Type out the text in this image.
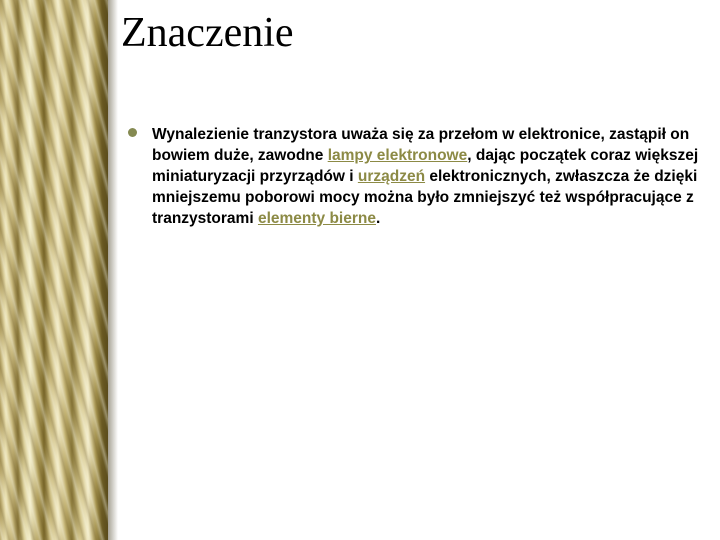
Znaczenie

Wynalezienie tranzystora uważa się za przełom w elektronice, zastąpił on bowiem duże, zawodne lampy elektronowe, dając początek coraz większej miniaturyzacji przyrządów i urządzeń elektronicznych, zwłaszcza że dzięki mniejszemu poborowi mocy można było zmniejszyć też współpracujące z tranzystorami elementy bierne.
